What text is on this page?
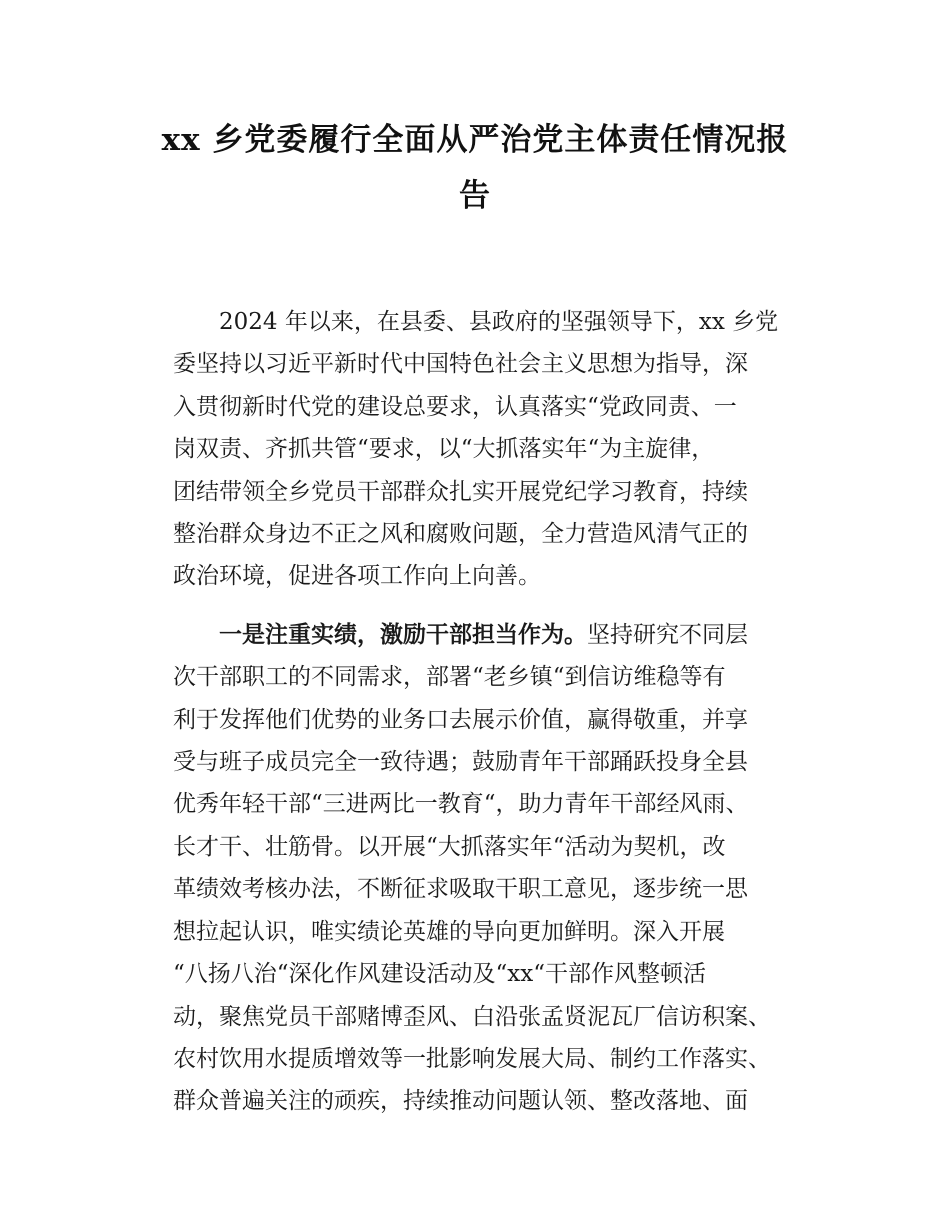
xx 乡党委履行全面从严治党主体责任情况报
告
2024 年以来，在县委、县政府的坚强领导下，xx 乡党
委坚持以习近平新时代中国特色社会主义思想为指导，深
入贯彻新时代党的建设总要求，认真落实“党政同责、一
岗双责、齐抓共管“要求，以“大抓落实年“为主旋律，
团结带领全乡党员干部群众扎实开展党纪学习教育，持续
整治群众身边不正之风和腐败问题，全力营造风清气正的
政治环境，促进各项工作向上向善。
一是注重实绩，激励干部担当作为。坚持研究不同层
次干部职工的不同需求，部署“老乡镇“到信访维稳等有
利于发挥他们优势的业务口去展示价值，赢得敬重，并享
受与班子成员完全一致待遇；鼓励青年干部踊跃投身全县
优秀年轻干部“三进两比一教育“，助力青年干部经风雨、
长才干、壮筋骨。以开展“大抓落实年“活动为契机，改
革绩效考核办法，不断征求吸取干职工意见，逐步统一思
想拉起认识，唯实绩论英雄的导向更加鲜明。深入开展
“八扬八治“深化作风建设活动及“xx“干部作风整顿活
动，聚焦党员干部赌博歪风、白沿张孟贤泥瓦厂信访积案、
农村饮用水提质增效等一批影响发展大局、制约工作落实、
群众普遍关注的顽疾，持续推动问题认领、整改落地、面
